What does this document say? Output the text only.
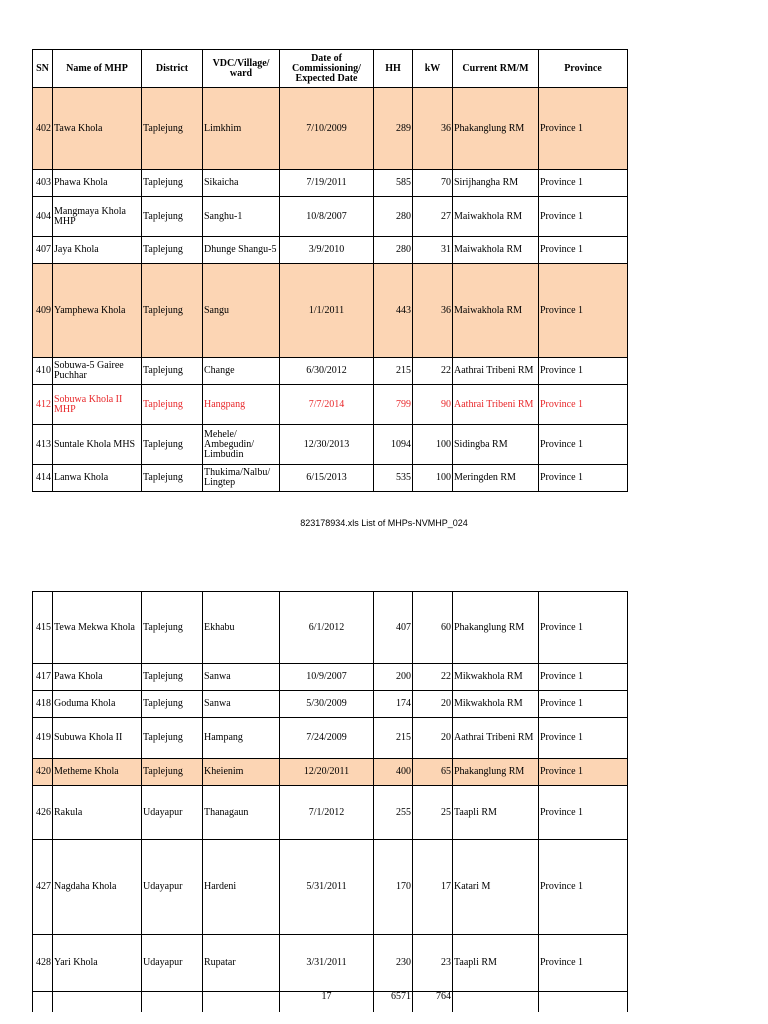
SN	Name of MHP	District	VDC/Village/ ward	Date of Commissioning/ Expected Date	HH	kW	Current RM/M	Province
402	Tawa Khola	Taplejung	Limkhim	7/10/2009	289	36	Phakanglung RM	Province 1
403	Phawa Khola	Taplejung	Sikaicha	7/19/2011	585	70	Sirijhangha RM	Province 1
404	Mangmaya Khola MHP	Taplejung	Sanghu-1	10/8/2007	280	27	Maiwakhola RM	Province 1
407	Jaya Khola	Taplejung	Dhunge Shangu-5	3/9/2010	280	31	Maiwakhola RM	Province 1
409	Yamphewa Khola	Taplejung	Sangu	1/1/2011	443	36	Maiwakhola RM	Province 1
410	Sobuwa-5 Gairee Puchhar	Taplejung	Change	6/30/2012	215	22	Aathrai Tribeni RM	Province 1
412	Sobuwa Khola II MHP	Taplejung	Hangpang	7/7/2014	799	90	Aathrai Tribeni RM	Province 1
413	Suntale Khola MHS	Taplejung	Mehele/ Ambegudin/ Limbudin	12/30/2013	1094	100	Sidingba RM	Province 1
414	Lanwa Khola	Taplejung	Thukima/Nalbu/ Lingtep	6/15/2013	535	100	Meringden RM	Province 1
823178934.xls List of MHPs-NVMHP_024
415	Tewa Mekwa Khola	Taplejung	Ekhabu	6/1/2012	407	60	Phakanglung RM	Province 1
417	Pawa Khola	Taplejung	Sanwa	10/9/2007	200	22	Mikwakhola RM	Province 1
418	Goduma Khola	Taplejung	Sanwa	5/30/2009	174	20	Mikwakhola RM	Province 1
419	Subuwa Khola II	Taplejung	Hampang	7/24/2009	215	20	Aathrai Tribeni RM	Province 1
420	Metheme Khola	Taplejung	Kheienim	12/20/2011	400	65	Phakanglung RM	Province 1
426	Rakula	Udayapur	Thanagaun	7/1/2012	255	25	Taapli RM	Province 1
427	Nagdaha Khola	Udayapur	Hardeni	5/31/2011	170	17	Katari M	Province 1
428	Yari Khola	Udayapur	Rupatar	3/31/2011	230	23	Taapli RM	Province 1
				17	6571	764		
